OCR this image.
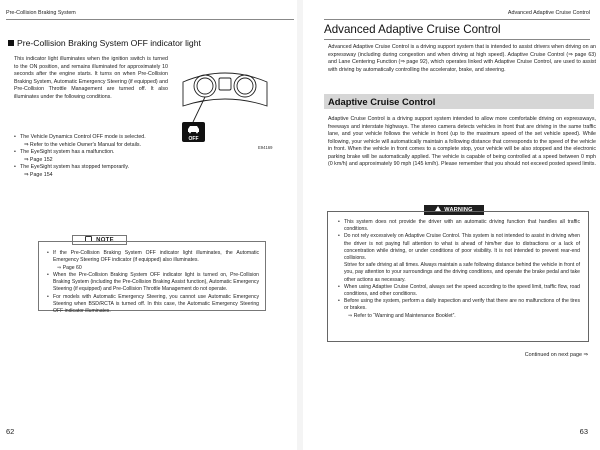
Pre-Collision Braking System
Pre-Collision Braking System OFF indicator light

This indicator light illuminates when the ignition switch is turned to the ON position, and remains illuminated for approximately 10 seconds after the engine starts. It turns on when Pre-Collision Braking System, Automatic Emergency Steering (if equipped) and Pre-Collision Throttle Management are turned off. It also illuminates under the following conditions.

• The Vehicle Dynamics Control OFF mode is selected.
⇒ Refer to the vehicle Owner's Manual for details.
• The EyeSight system has a malfunction.
⇒ Page 152
• The EyeSight system has stopped temporarily.
⇒ Page 154
OFF
E94169
NOTE
• If the Pre-Collision Braking System OFF indicator light illuminates, the Automatic Emergency Steering OFF indicator (if equipped) also illuminates.
⇒ Page 60
• When the Pre-Collision Braking System OFF indicator light is turned on, Pre-Collision Braking System (including the Pre-Collision Braking Assist function), Automatic Emergency Steering (if equipped) and Pre-Collision Throttle Management do not operate.
• For models with Automatic Emergency Steering, you cannot use Automatic Emergency Steering when BSD/RCTA is turned off. In this case, the Automatic Emergency Steering OFF indicator illuminates.
62
Advanced Adaptive Cruise Control
Advanced Adaptive Cruise Control

Advanced Adaptive Cruise Control is a driving support system that is intended to assist drivers when driving on an expressway (including during congestion and when driving at high speed). Adaptive Cruise Control (⇒ page 63) and Lane Centering Function (⇒ page 92), which operates linked with Adaptive Cruise Control, are used to assist with driving by automatically controlling the accelerator, brake, and steering.

Adaptive Cruise Control

Adaptive Cruise Control is a driving support system intended to allow more comfortable driving on expressways, freeways and interstate highways. The stereo camera detects vehicles in front that are driving in the same traffic lane, and your vehicle follows the vehicle in front (up to the maximum speed of the set vehicle speed). While following, your vehicle will automatically maintain a following distance that corresponds to the speed of the vehicle in front. When the vehicle in front comes to a complete stop, your vehicle will be also stopped and the electronic parking brake will be automatically applied. The vehicle is capable of being controlled at a speed between 0 mph (0 km/h) and approximately 90 mph (145 km/h). Please remember that you should not exceed posted speed limits.

WARNING
• This system does not provide the driver with an automatic driving function that handles all traffic conditions.
• Do not rely excessively on Adaptive Cruise Control. This system is not intended to assist in driving when the driver is not paying full attention to what is ahead of him/her due to distractions or a lack of concentration while driving, or under conditions of poor visibility. It is not intended to prevent rear-end collisions.
Strive for safe driving at all times. Always maintain a safe following distance behind the vehicle in front of you, pay attention to your surroundings and the driving conditions, and operate the brake pedal and take other actions as necessary.
• When using Adaptive Cruise Control, always set the speed according to the speed limit, traffic flow, road conditions, and other conditions.
• Before using the system, perform a daily inspection and verify that there are no malfunctions of the tires or brakes.
⇒ Refer to “Warning and Maintenance Booklet”.
Continued on next page ⇒
63
